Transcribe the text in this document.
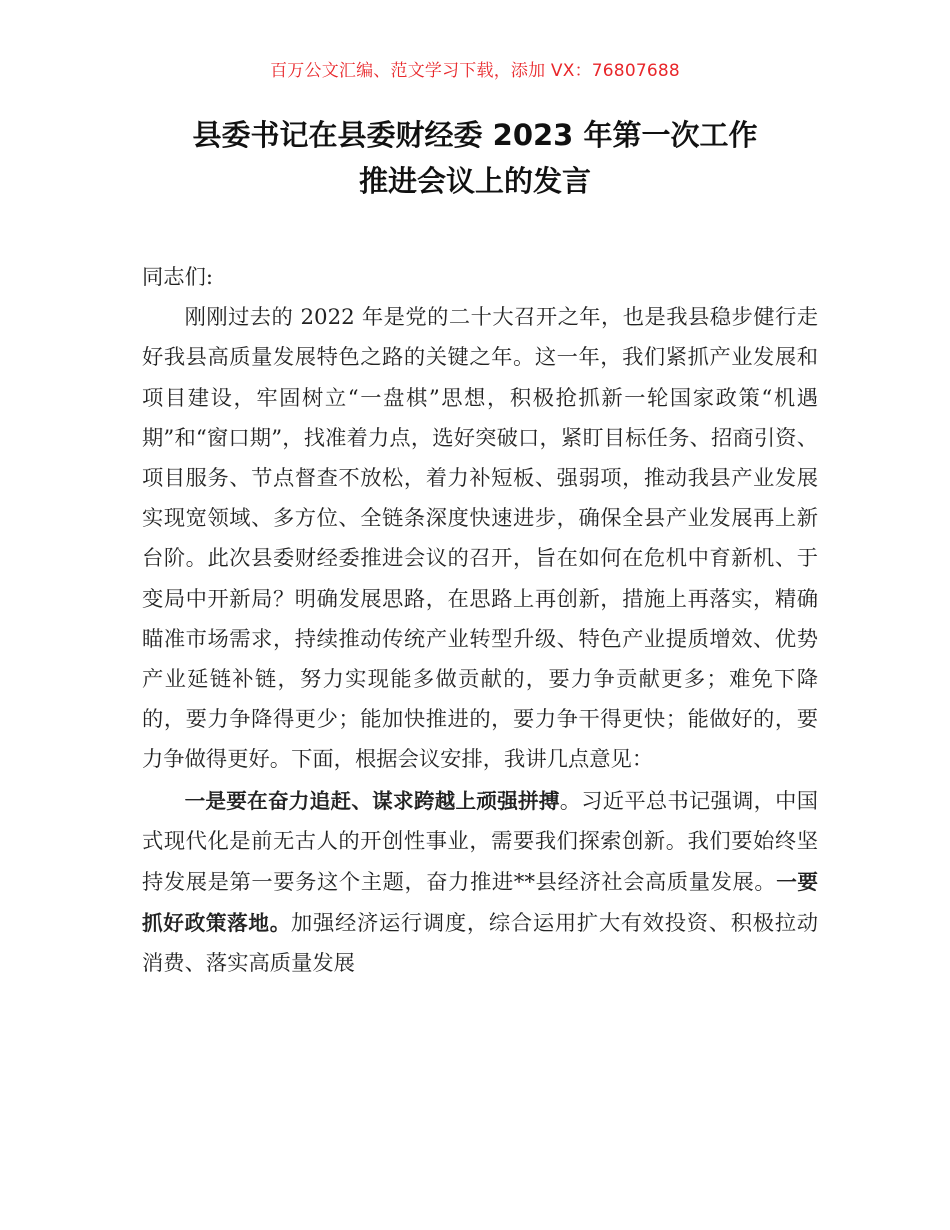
百万公文汇编、范文学习下载，添加 VX：76807688
县委书记在县委财经委 2023 年第一次工作
推进会议上的发言

同志们:

刚刚过去的 2022 年是党的二十大召开之年，也是我县稳步健行走好我县高质量发展特色之路的关键之年。这一年，我们紧抓产业发展和项目建设，牢固树立“一盘棋”思想，积极抢抓新一轮国家政策“机遇期”和“窗口期”，找准着力点，选好突破口，紧盯目标任务、招商引资、项目服务、节点督查不放松，着力补短板、强弱项，推动我县产业发展实现宽领域、多方位、全链条深度快速进步，确保全县产业发展再上新台阶。此次县委财经委推进会议的召开，旨在如何在危机中育新机、于变局中开新局？明确发展思路，在思路上再创新，措施上再落实，精确瞄准市场需求，持续推动传统产业转型升级、特色产业提质增效、优势产业延链补链，努力实现能多做贡献的，要力争贡献更多；难免下降的，要力争降得更少；能加快推进的，要力争干得更快；能做好的，要力争做得更好。下面，根据会议安排，我讲几点意见：

一是要在奋力追赶、谋求跨越上顽强拼搏。习近平总书记强调，中国式现代化是前无古人的开创性事业，需要我们探索创新。我们要始终坚持发展是第一要务这个主题，奋力推进**县经济社会高质量发展。一要抓好政策落地。加强经济运行调度，综合运用扩大有效投资、积极拉动消费、落实高质量发展
